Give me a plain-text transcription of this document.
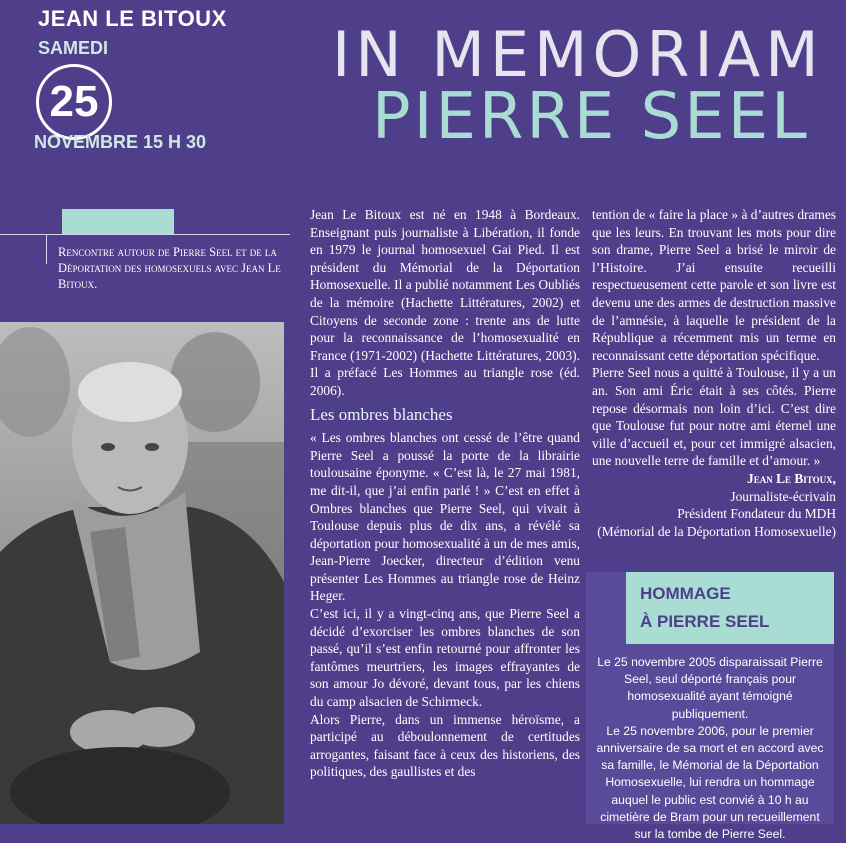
JEAN LE BITOUX
SAMEDI
25
NOVEMBRE 15 H 30
IN MEMORIAM
PIERRE SEEL
Rencontre autour de Pierre Seel et de la Déportation des homosexuels avec Jean Le Bitoux.

Jean Le Bitoux est né en 1948 à Bordeaux. Enseignant puis journaliste à Libération, il fonde en 1979 le journal homosexuel Gai Pied. Il est président du Mémorial de la Déportation Homosexuelle. Il a publié notamment Les Oubliés de la mémoire (Hachette Littératures, 2002) et Citoyens de seconde zone : trente ans de lutte pour la reconnaissance de l’homosexualité en France (1971-2002) (Hachette Littératures, 2003). Il a préfacé Les Hommes au triangle rose (éd. 2006).

Les ombres blanches

« Les ombres blanches ont cessé de l’être quand Pierre Seel a poussé la porte de la librairie toulousaine éponyme. « C’est là, le 27 mai 1981, me dit-il, que j’ai enfin parlé ! » C’est en effet à Ombres blanches que Pierre Seel, qui vivait à Toulouse depuis plus de dix ans, a révélé sa déportation pour homosexualité à un de mes amis, Jean-Pierre Joecker, directeur d’édition venu présenter Les Hommes au triangle rose de Heinz Heger.

C’est ici, il y a vingt-cinq ans, que Pierre Seel a décidé d’exorciser les ombres blanches de son passé, qu’il s’est enfin retourné pour affronter les fantômes meurtriers, les images effrayantes de son amour Jo dévoré, devant tous, par les chiens du camp alsacien de Schirmeck.

Alors Pierre, dans un immense héroïsme, a participé au déboulonnement de certitudes arrogantes, faisant face à ceux des historiens, des politiques, des gaullistes et des

tention de « faire la place » à d’autres drames que les leurs. En trouvant les mots pour dire son drame, Pierre Seel a brisé le miroir de l’Histoire. J’ai ensuite recueilli respectueusement cette parole et son livre est devenu une des armes de destruction massive de l’amnésie, à laquelle le président de la République a récemment mis un terme en reconnaissant cette déportation spécifique.

Pierre Seel nous a quitté à Toulouse, il y a un an. Son ami Éric était à ses côtés. Pierre repose désormais non loin d’ici. C’est dire que Toulouse fut pour notre ami éternel une ville d’accueil et, pour cet immigré alsacien, une nouvelle terre de famille et d’amour. »

Jean Le Bitoux,

Journaliste-écrivain

Président Fondateur du MDH

(Mémorial de la Déportation Homosexuelle)

HOMMAGE
À PIERRE SEEL

Le 25 novembre 2005 disparaissait Pierre Seel, seul déporté français pour homosexualité ayant témoigné publiquement.

Le 25 novembre 2006, pour le premier anniversaire de sa mort et en accord avec sa famille, le Mémorial de la Déportation Homosexuelle, lui rendra un hommage auquel le public est convié à 10 h au cimetière de Bram pour un recueillement sur la tombe de Pierre Seel.
